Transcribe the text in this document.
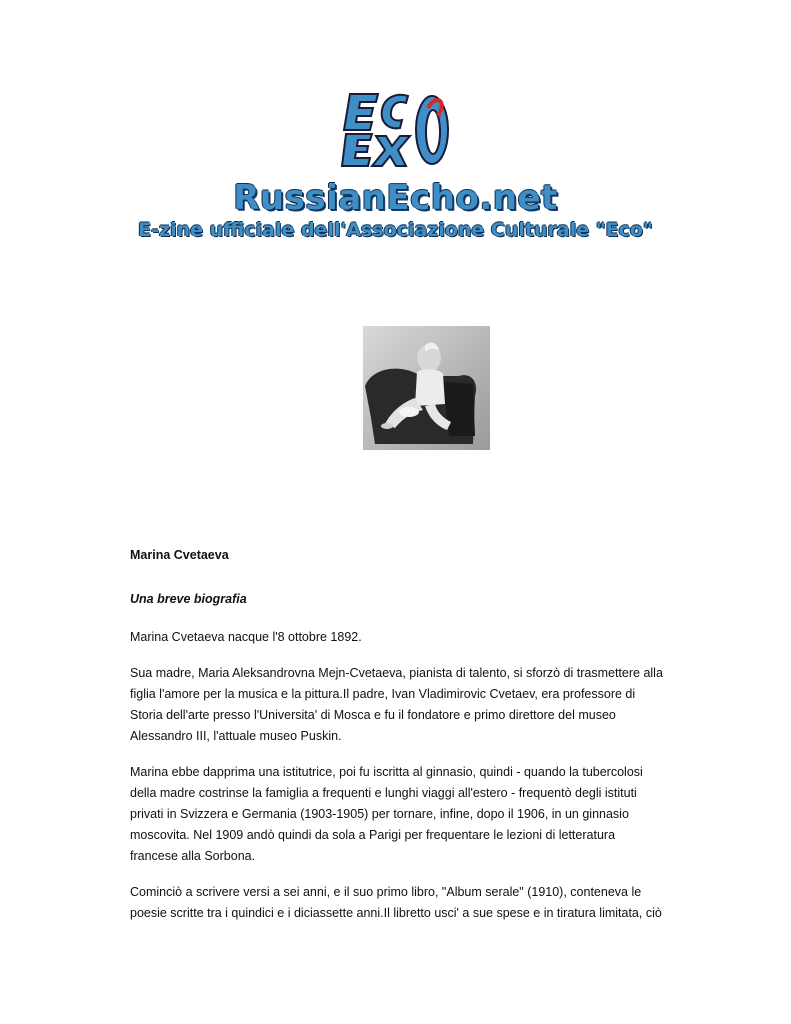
RussianEcho.net
E-zine ufficiale dell'Associazione Culturale "Eco"

Marina Cvetaeva

Una breve biografia

Marina Cvetaeva nacque l'8 ottobre 1892.

Sua madre, Maria Aleksandrovna Mejn-Cvetaeva, pianista di talento, si sforzò di trasmettere alla figlia l'amore per la musica e la pittura.Il padre, Ivan Vladimirovic Cvetaev, era professore di Storia dell'arte presso l'Universita' di Mosca e fu il fondatore e primo direttore del museo Alessandro III, l'attuale museo Puskin.

Marina ebbe dapprima una istitutrice, poi fu iscritta al ginnasio, quindi - quando la tubercolosi della madre costrinse la famiglia a frequenti e lunghi viaggi all'estero - frequentò degli istituti privati in Svizzera e Germania (1903-1905) per tornare, infine, dopo il 1906, in un ginnasio moscovita. Nel 1909 andò quindi da sola a Parigi per frequentare le lezioni di letteratura francese alla Sorbona.

Cominciò a scrivere versi a sei anni, e il suo primo libro, "Album serale" (1910), conteneva le poesie scritte tra i quindici e i diciassette anni.Il libretto usci' a sue spese e in tiratura limitata, ciò
